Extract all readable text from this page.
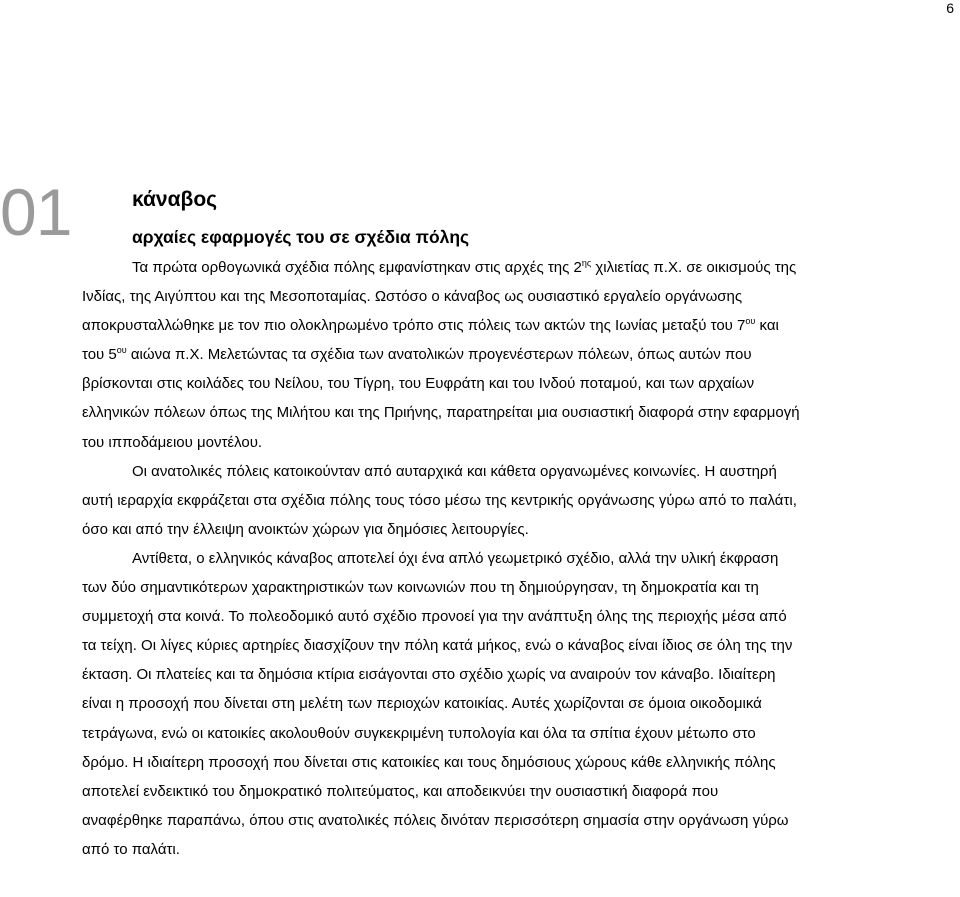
6
01	κάναβος
αρχαίες εφαρμογές του σε σχέδια πόλης

Τα πρώτα ορθογωνικά σχέδια πόλης εμφανίστηκαν στις αρχές της $2^{\eta\varsigma}$ χιλιετίας π.Χ. σε οικισμούς της Ινδίας, της Αιγύπτου και της Μεσοποταμίας. Ωστόσο ο κάναβος ως ουσιαστικό εργαλείο οργάνωσης αποκρυσταλλώθηκε με τον πιο ολοκληρωμένο τρόπο στις πόλεις των ακτών της Ιωνίας μεταξύ του $7^{o\upsilon}$ και του $5^{o\upsilon}$ αιώνα π.Χ. Μελετώντας τα σχέδια των ανατολικών προγενέστερων πόλεων, όπως αυτών που βρίσκονται στις κοιλάδες του Νείλου, του Τίγρη, του Ευφράτη και του Ινδού ποταμού, και των αρχαίων ελληνικών πόλεων όπως της Μιλήτου και της Πριήνης, παρατηρείται μια ουσιαστική διαφορά στην εφαρμογή του ιπποδάμειου μοντέλου.

Οι ανατολικές πόλεις κατοικούνταν από αυταρχικά και κάθετα οργανωμένες κοινωνίες. Η αυστηρή αυτή ιεραρχία εκφράζεται στα σχέδια πόλης τους τόσο μέσω της κεντρικής οργάνωσης γύρω από το παλάτι, όσο και από την έλλειψη ανοικτών χώρων για δημόσιες λειτουργίες.

Αντίθετα, ο ελληνικός κάναβος αποτελεί όχι ένα απλό γεωμετρικό σχέδιο, αλλά την υλική έκφραση των δύο σημαντικότερων χαρακτηριστικών των κοινωνιών που τη δημιούργησαν, τη δημοκρατία και τη συμμετοχή στα κοινά. Το πολεοδομικό αυτό σχέδιο προνοεί για την ανάπτυξη όλης της περιοχής μέσα από τα τείχη. Οι λίγες κύριες αρτηρίες διασχίζουν την πόλη κατά μήκος, ενώ ο κάναβος είναι ίδιος σε όλη της την έκταση. Οι πλατείες και τα δημόσια κτίρια εισάγονται στο σχέδιο χωρίς να αναιρούν τον κάναβο. Ιδιαίτερη είναι η προσοχή που δίνεται στη μελέτη των περιοχών κατοικίας. Αυτές χωρίζονται σε όμοια οικοδομικά τετράγωνα, ενώ οι κατοικίες ακολουθούν συγκεκριμένη τυπολογία και όλα τα σπίτια έχουν μέτωπο στο δρόμο. Η ιδιαίτερη προσοχή που δίνεται στις κατοικίες και τους δημόσιους χώρους κάθε ελληνικής πόλης αποτελεί ενδεικτικό του δημοκρατικό πολιτεύματος, και αποδεικνύει την ουσιαστική διαφορά που αναφέρθηκε παραπάνω, όπου στις ανατολικές πόλεις δινόταν περισσότερη σημασία στην οργάνωση γύρω από το παλάτι.
